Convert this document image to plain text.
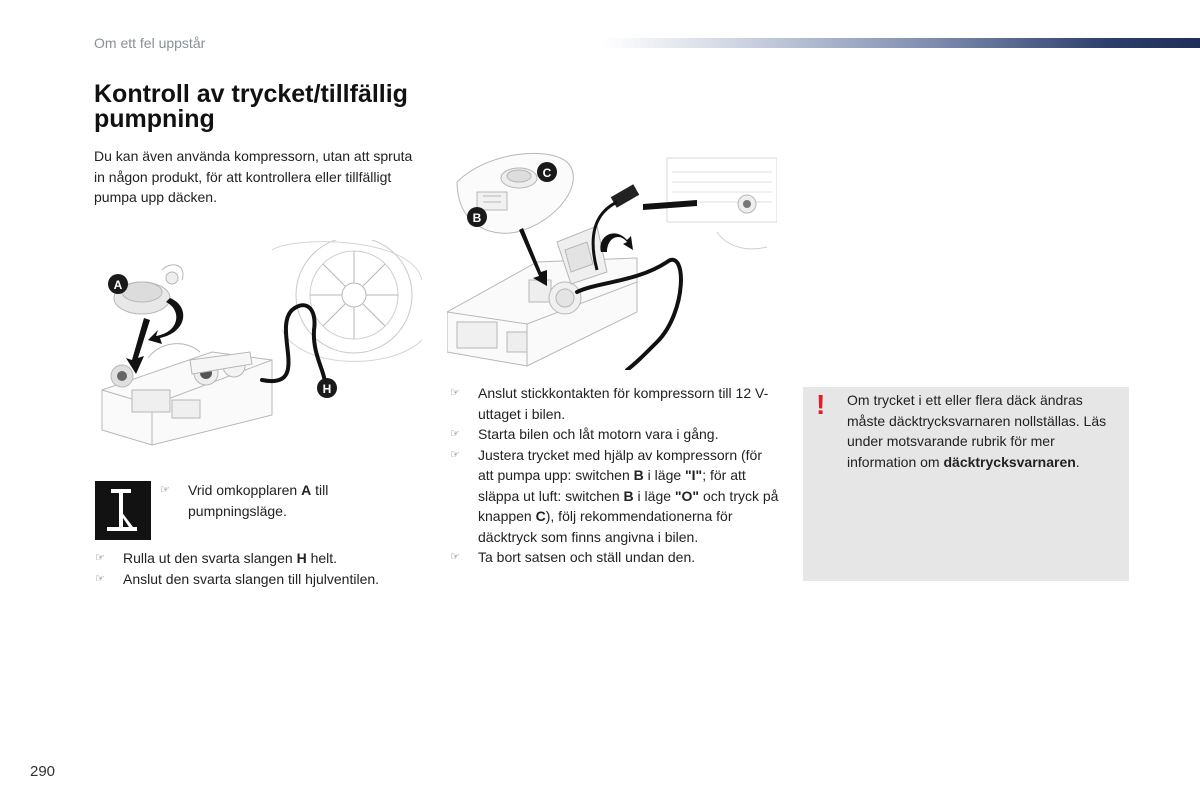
Om ett fel uppstår
Kontroll av trycket/tillfällig pumpning
Du kan även använda kompressorn, utan att spruta in någon produkt, för att kontrollera eller tillfälligt pumpa upp däcken.
A
H
C
B
☞	Vrid omkopplaren A till pumpningsläge.
☞	Rulla ut den svarta slangen H helt.
☞	Anslut den svarta slangen till hjulventilen.
☞	Anslut stickkontakten för kompressorn till 12 V-uttaget i bilen.
☞	Starta bilen och låt motorn vara i gång.
☞	Justera trycket med hjälp av kompressorn (för att pumpa upp: switchen B i läge "I"; för att släppa ut luft: switchen B i läge "O" och tryck på knappen C), följ rekommendationerna för däcktryck som finns angivna i bilen.
☞	Ta bort satsen och ställ undan den.
! Om trycket i ett eller flera däck ändras måste däcktrycksvarnaren nollställas. Läs under motsvarande rubrik för mer information om däcktrycksvarnaren.
290
